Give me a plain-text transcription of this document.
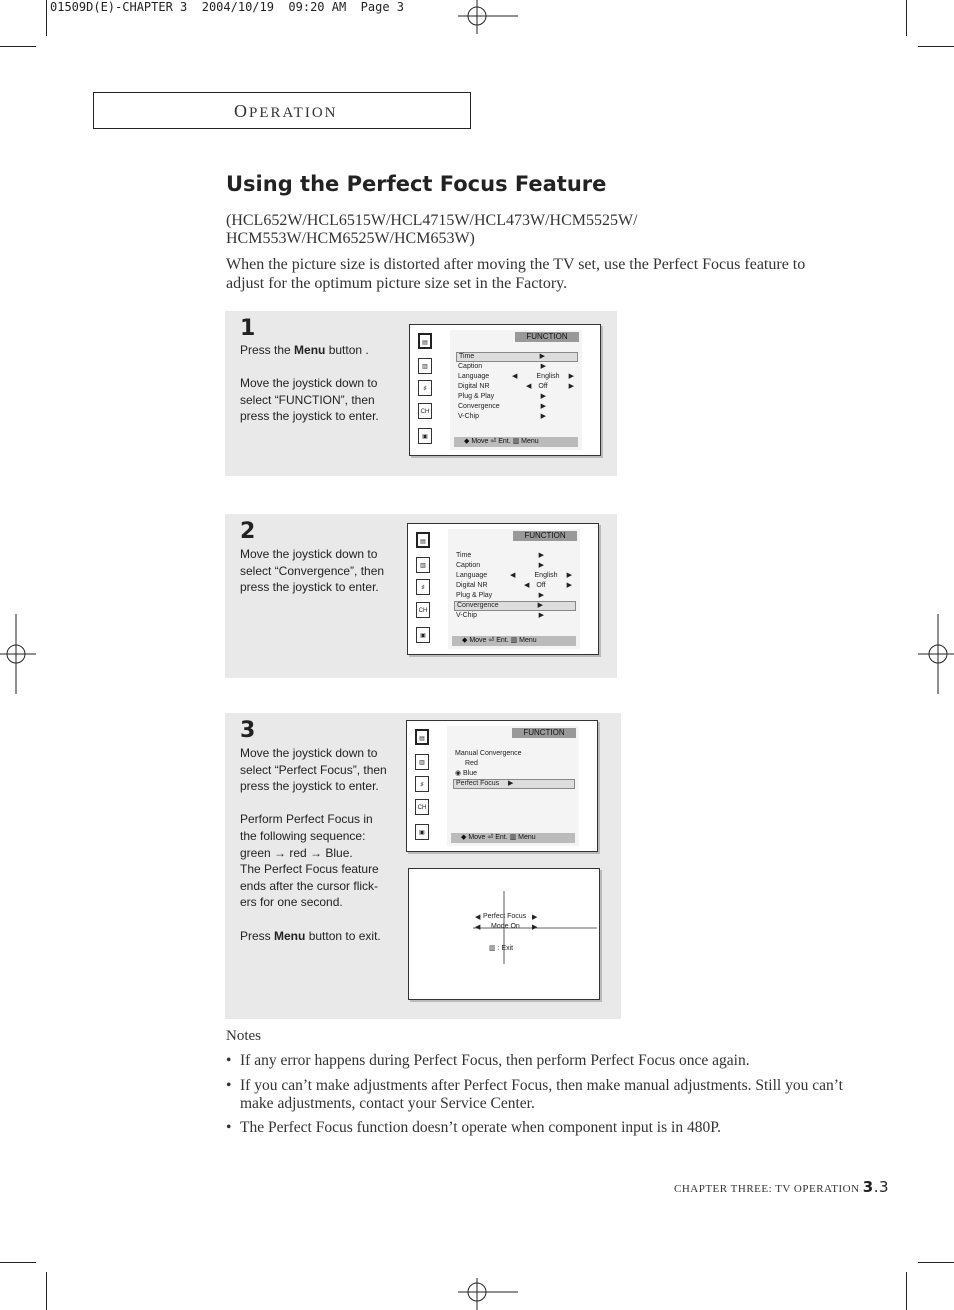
01509D(E)-CHAPTER 3  2004/10/19  09:20 AM  Page 3
OPERATION
Using the Perfect Focus Feature
(HCL652W/HCL6515W/HCL4715W/HCL473W/HCM5525W/ HCM553W/HCM6525W/HCM653W)
When the picture size is distorted after moving the TV set, use the Perfect Focus feature to adjust for the optimum picture size set in the Factory.
1
Press the Menu button .

Move the joystick down to select “FUNCTION”, then press the joystick to enter.
▤
▥
♯
CH
▣
FUNCTION
Time	▶
Caption	▶
Language	◀	English	▶
Digital NR	◀	Off	▶
Plug & Play	▶
Convergence	▶
V-Chip	▶
◆ Move ⏎ Ent. ▥ Menu
2
Move the joystick down to select “Convergence”, then press the joystick to enter.
▤
▥
♯
CH
▣
FUNCTION
Time	▶
Caption	▶
Language	◀	English	▶
Digital NR	◀	Off	▶
Plug & Play	▶
Convergence	▶
V-Chip	▶
◆ Move ⏎ Ent. ▥ Menu
3
Move the joystick down to select “Perfect Focus”, then press the joystick to enter.

Perform Perfect Focus in the following sequence: green → red → Blue.
The Perfect Focus feature ends after the cursor flick-ers for one second.

Press Menu button to exit.
▤
▥
♯
CH
▣
FUNCTION
Manual Convergence
Red
◉ Blue
Perfect Focus ▶
◆ Move ⏎ Ent. ▥ Menu
◀ Perfect Focus ▶
◀ Mode On ▶
▥ : Exit
Notes
• If any error happens during Perfect Focus, then perform Perfect Focus once again.
• If you can’t make adjustments after Perfect Focus, then make manual adjustments. Still you can’t make adjustments, contact your Service Center.
• The Perfect Focus function doesn’t operate when component input is in 480P.
CHAPTER THREE: TV OPERATION 3.3
